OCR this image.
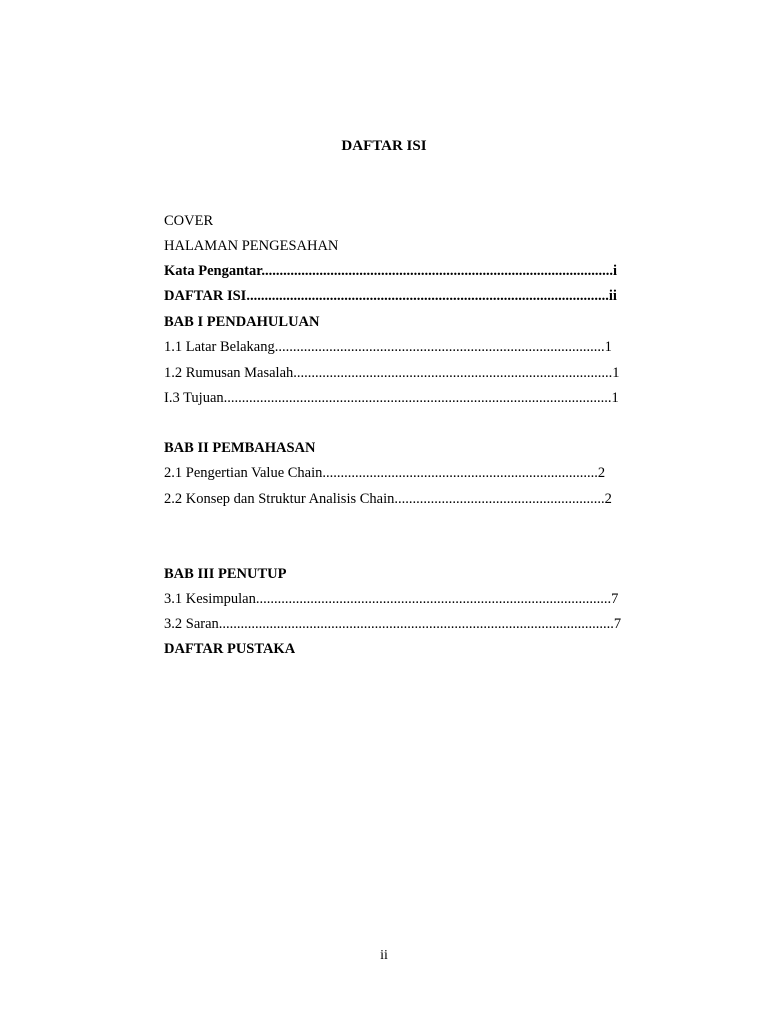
DAFTAR ISI
COVER
HALAMAN PENGESAHAN
Kata Pengantar.................................................................................................i
DAFTAR ISI....................................................................................................ii
BAB I PENDAHULUAN
1.1 Latar Belakang...........................................................................................1
1.2 Rumusan Masalah........................................................................................1
I.3 Tujuan...........................................................................................................1
BAB II PEMBAHASAN
2.1 Pengertian Value Chain............................................................................2
2.2 Konsep dan Struktur Analisis Chain..........................................................2
BAB III PENUTUP
3.1 Kesimpulan..................................................................................................7
3.2 Saran.............................................................................................................7
DAFTAR PUSTAKA
ii
